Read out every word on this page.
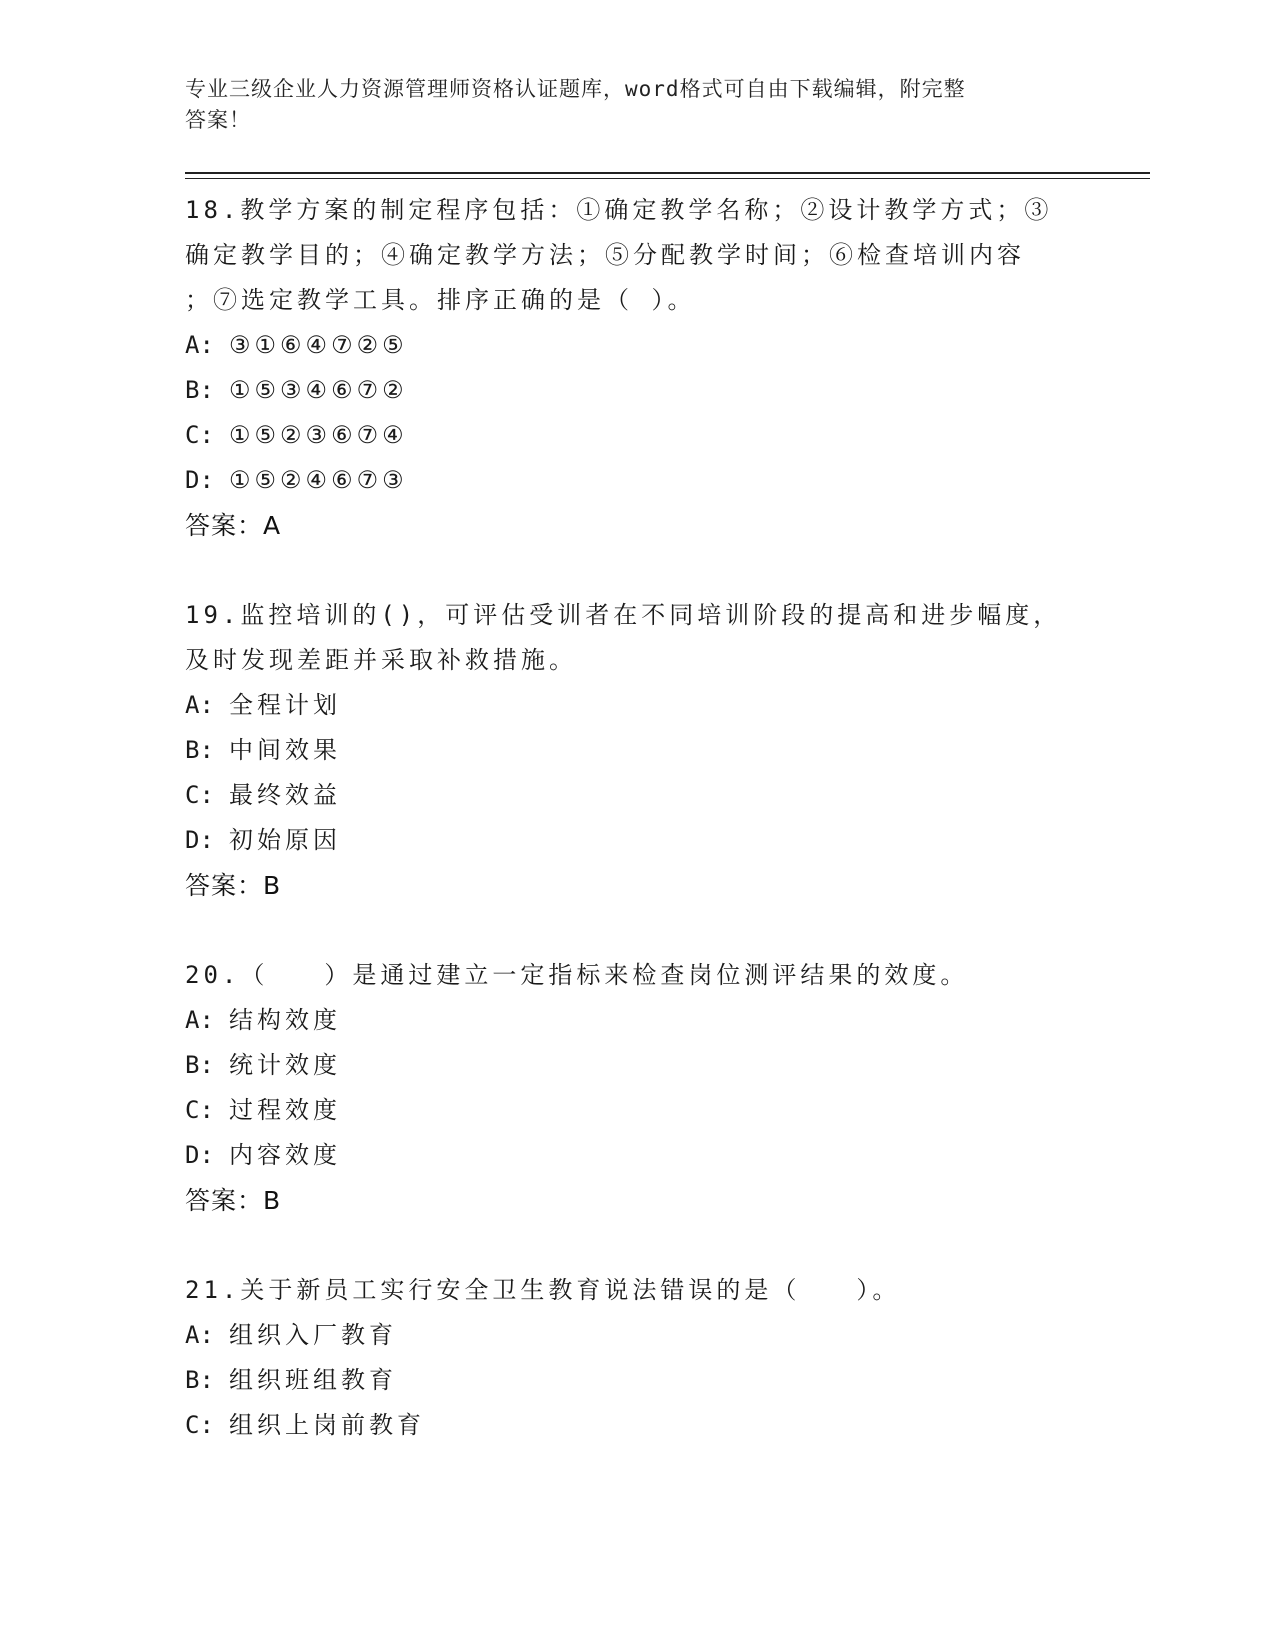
专业三级企业人力资源管理师资格认证题库，word格式可自由下载编辑，附完整
答案！
18.教学方案的制定程序包括：①确定教学名称；②设计教学方式；③
确定教学目的；④确定教学方法；⑤分配教学时间；⑥检查培训内容
；⑦选定教学工具。排序正确的是（ ）。
A: ③①⑥④⑦②⑤
B: ①⑤③④⑥⑦②
C: ①⑤②③⑥⑦④
D: ①⑤②④⑥⑦③
答案：A
19.监控培训的()，可评估受训者在不同培训阶段的提高和进步幅度，
及时发现差距并采取补救措施。
A: 全程计划
B: 中间效果
C: 最终效益
D: 初始原因
答案：B
20.（　　）是通过建立一定指标来检查岗位测评结果的效度。
A: 结构效度
B: 统计效度
C: 过程效度
D: 内容效度
答案：B
21.关于新员工实行安全卫生教育说法错误的是（　　）。
A: 组织入厂教育
B: 组织班组教育
C: 组织上岗前教育
